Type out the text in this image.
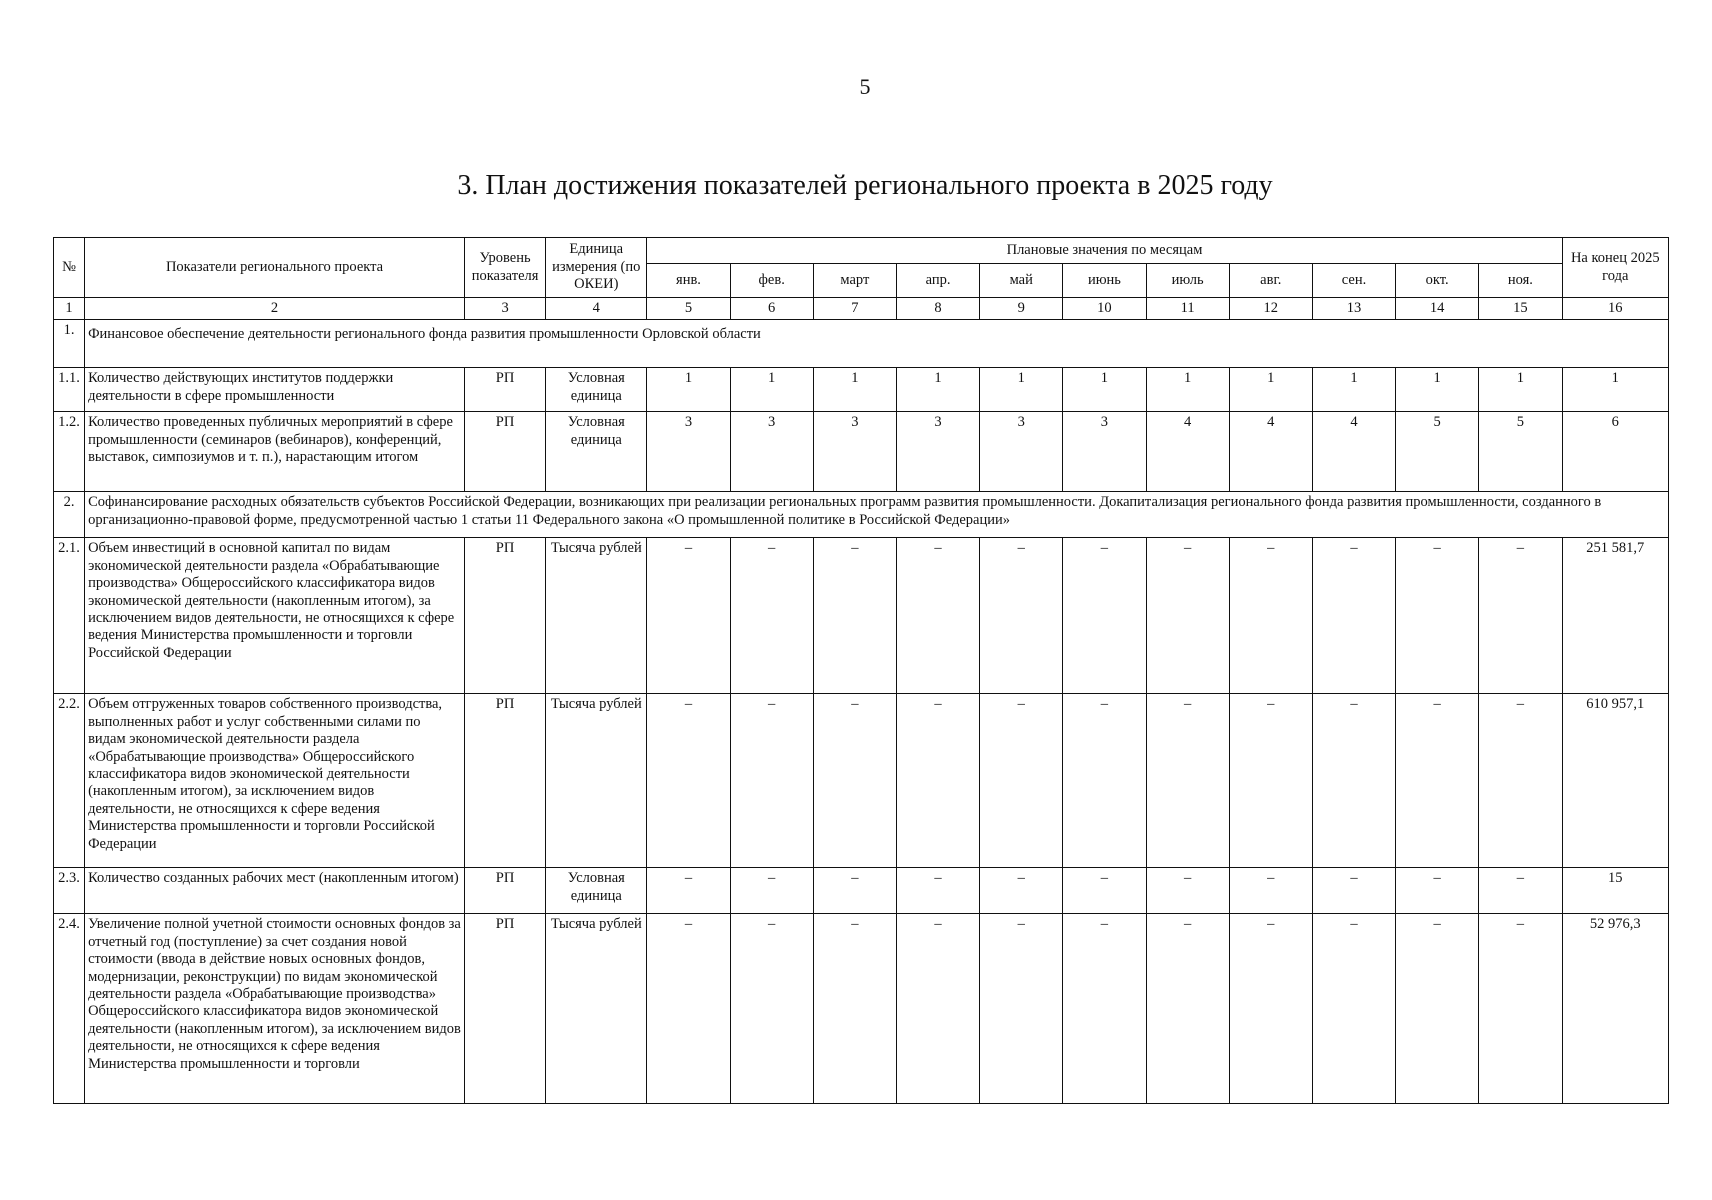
5
3. План достижения показателей регионального проекта в 2025 году
№	Показатели регионального проекта	Уровень показателя	Единица измерения (по ОКЕИ)	Плановые значения по месяцам											На конец 2025 года
				янв.	фев.	март	апр.	май	июнь	июль	авг.	сен.	окт.	ноя.	
1	2	3	4	5	6	7	8	9	10	11	12	13	14	15	16
1.	Финансовое обеспечение деятельности регионального фонда развития промышленности Орловской области														
1.1.	Количество действующих институтов поддержки деятельности в сфере промышленности	РП	Условная единица	1	1	1	1	1	1	1	1	1	1	1	1
1.2.	Количество проведенных публичных мероприятий в сфере промышленности (семинаров (вебинаров), конференций, выставок, симпозиумов и т. п.), нарастающим итогом	РП	Условная единица	3	3	3	3	3	3	4	4	4	5	5	6
2.	Софинансирование расходных обязательств субъектов Российской Федерации, возникающих при реализации региональных программ развития промышленности. Докапитализация регионального фонда развития промышленности, созданного в организационно-правовой форме, предусмотренной частью 1 статьи 11 Федерального закона «О промышленной политике в Российской Федерации»														
2.1.	Объем инвестиций в основной капитал по видам экономической деятельности раздела «Обрабатывающие производства» Общероссийского классификатора видов экономической деятельности (накопленным итогом), за исключением видов деятельности, не относящихся к сфере ведения Министерства промышленности и торговли Российской Федерации	РП	Тысяча рублей	–	–	–	–	–	–	–	–	–	–	–	251 581,7
2.2.	Объем отгруженных товаров собственного производства, выполненных работ и услуг собственными силами по видам экономической деятельности раздела «Обрабатывающие производства» Общероссийского классификатора видов экономической деятельности (накопленным итогом), за исключением видов деятельности, не относящихся к сфере ведения Министерства промышленности и торговли Российской Федерации	РП	Тысяча рублей	–	–	–	–	–	–	–	–	–	–	–	610 957,1
2.3.	Количество созданных рабочих мест (накопленным итогом)	РП	Условная единица	–	–	–	–	–	–	–	–	–	–	–	15
2.4.	Увеличение полной учетной стоимости основных фондов за отчетный год (поступление) за счет создания новой стоимости (ввода в действие новых основных фондов, модернизации, реконструкции) по видам экономической деятельности раздела «Обрабатывающие производства» Общероссийского классификатора видов экономической деятельности (накопленным итогом), за исключением видов деятельности, не относящихся к сфере ведения Министерства промышленности и торговли	РП	Тысяча рублей	–	–	–	–	–	–	–	–	–	–	–	52 976,3
